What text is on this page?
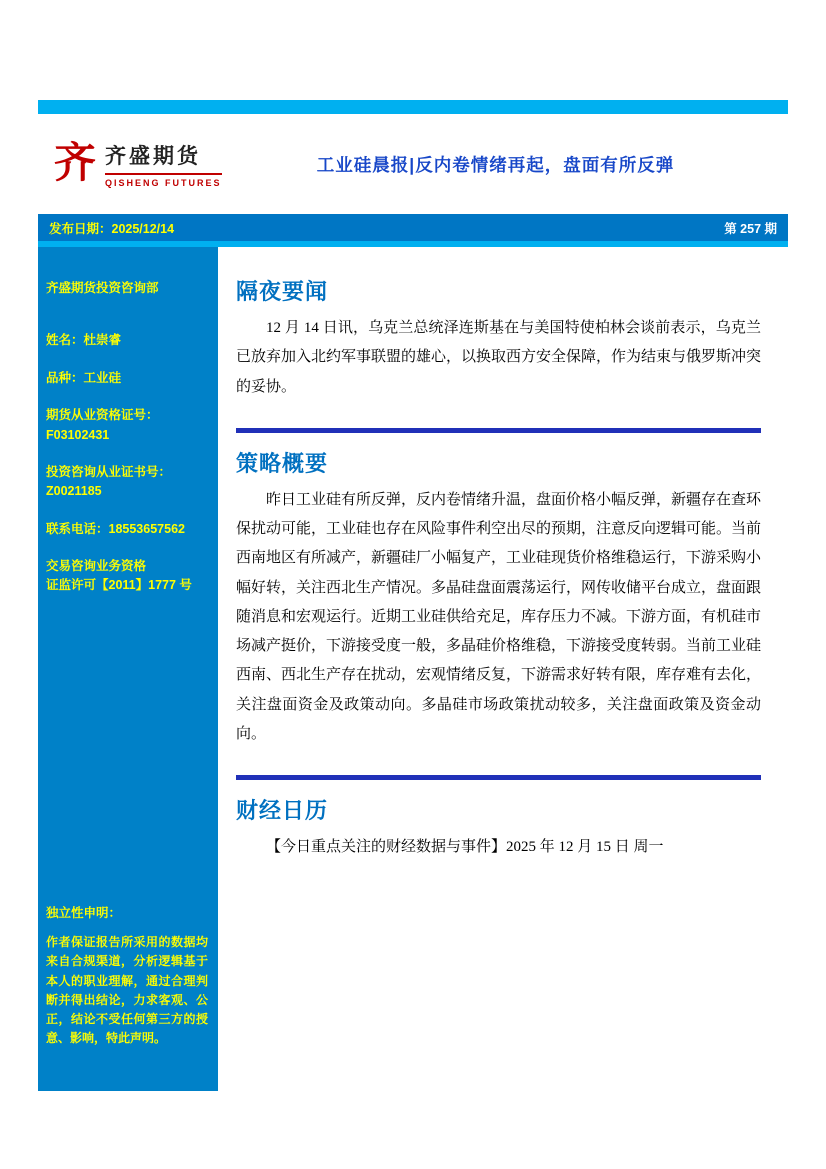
齐 齐盛期货
QISHENG FUTURES
工业硅晨报|反内卷情绪再起，盘面有所反弹
发布日期：2025/12/14	第 257 期
齐盛期货投资咨询部
姓名：杜崇睿
品种：工业硅
期货从业资格证号：
F03102431
投资咨询从业证书号：
Z0021185
联系电话：18553657562
交易咨询业务资格
证监许可【2011】1777 号
独立性申明：
作者保证报告所采用的数据均来自合规渠道，分析逻辑基于本人的职业理解，通过合理判断并得出结论，力求客观、公正，结论不受任何第三方的授意、影响，特此声明。
隔夜要闻

12 月 14 日讯，乌克兰总统泽连斯基在与美国特使柏林会谈前表示，乌克兰已放弃加入北约军事联盟的雄心，以换取西方安全保障，作为结束与俄罗斯冲突的妥协。

策略概要

昨日工业硅有所反弹，反内卷情绪升温，盘面价格小幅反弹，新疆存在查环保扰动可能，工业硅也存在风险事件利空出尽的预期，注意反向逻辑可能。当前西南地区有所减产，新疆硅厂小幅复产，工业硅现货价格维稳运行，下游采购小幅好转，关注西北生产情况。多晶硅盘面震荡运行，网传收储平台成立，盘面跟随消息和宏观运行。近期工业硅供给充足，库存压力不减。下游方面，有机硅市场减产挺价，下游接受度一般，多晶硅价格维稳，下游接受度转弱。当前工业硅西南、西北生产存在扰动，宏观情绪反复，下游需求好转有限，库存难有去化，关注盘面资金及政策动向。多晶硅市场政策扰动较多，关注盘面政策及资金动向。

财经日历

【今日重点关注的财经数据与事件】2025 年 12 月 15 日 周一
